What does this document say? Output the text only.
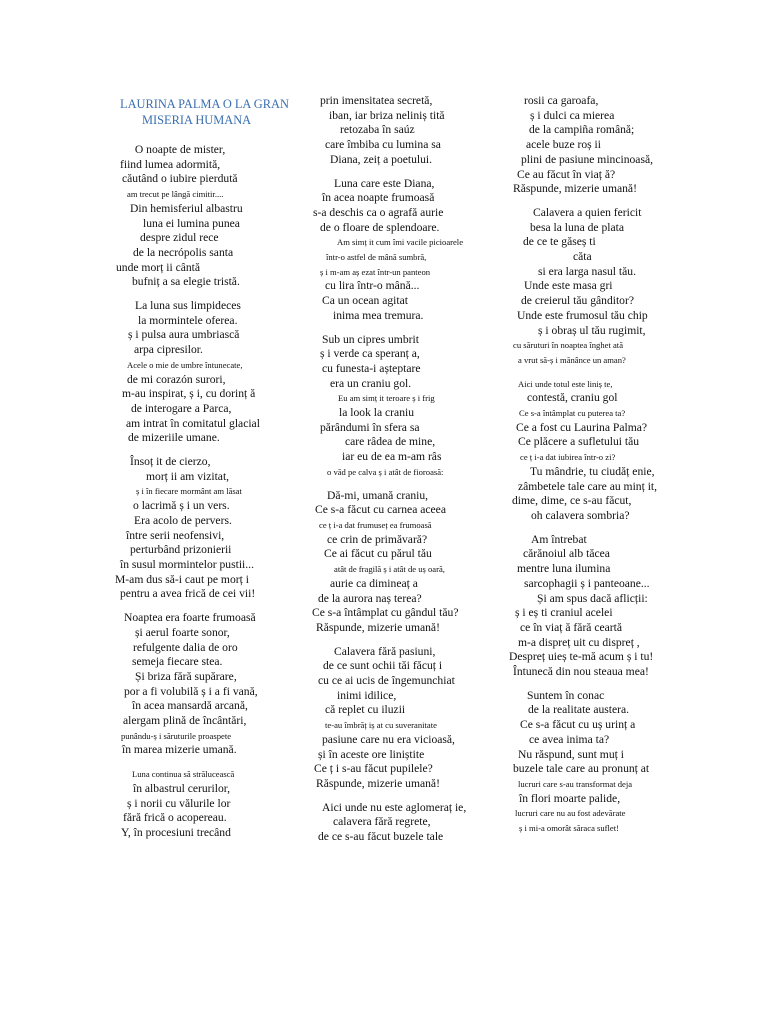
LAURINA PALMA O LA GRAN
MISERIA HUMANA
O noapte de mister,
fiind lumea adormită,
căutând o iubire pierdută
am trecut pe lângă cimitir....
Din hemisferiul albastru
luna ei lumina punea
despre zidul rece
de la necrópolis santa
unde morț ii cântă
bufniț a sa elegie tristă.
La luna sus limpideces
la mormintele oferea.
ș i pulsa aura umbriască
arpa cipresilor.
Acele o mie de umbre întunecate,
de mi corazón surori,
m-au inspirat, ș i, cu dorinț ă
de interogare a Parca,
am intrat în comitatul glacial
de mizeriile umane.
Însoț it de cierzo,
morț ii am vizitat,
ș i în fiecare mormânt am lăsat
o lacrimă ș i un vers.
Era acolo de pervers.
între serii neofensivi,
perturbând prizonierii
în susul mormintelor pustii...
M-am dus să-i caut pe morț i
pentru a avea frică de cei vii!
Noaptea era foarte frumoasă
și aerul foarte sonor,
refulgente dalia de oro
semeja fiecare stea.
Și briza fără supărare,
por a fi volubilă ș i a fi vană,
în acea mansardă arcană,
alergam plină de încântări,
punându-ș i săruturile proaspete
în marea mizerie umană.
Luna continua să strălucească
în albastrul cerurilor,
ș i norii cu vălurile lor
fără frică o acopereau.
Y, în procesiuni trecând
prin imensitatea secretă,
iban, iar briza neliniș tită
retozaba în saúz
care îmbiba cu lumina sa
Diana, zeiț a poetului.
Luna care este Diana,
în acea noapte frumoasă
s-a deschis ca o agrafă aurie
de o floare de splendoare.
Am simț it cum îmi vacile picioarele
într-o astfel de mână sumbră,
ș i m-am aș ezat într-un panteon
cu lira într-o mână...
Ca un ocean agitat
inima mea tremura.
Sub un cipres umbrit
ș i verde ca speranț a,
cu funesta-i așteptare
era un craniu gol.
Eu am simț it teroare ș i frig
la look la craniu
părândumi în sfera sa
care râdea de mine,
iar eu de ea m-am râs
o văd pe calva ș i atât de fioroasă:
Dă-mi, umană craniu,
Ce s-a făcut cu carnea aceea
ce ț i-a dat frumuseț ea frumoasă
ce crin de primăvară?
Ce ai făcut cu părul tău
atât de fragilă ș i atât de uș oară,
aurie ca dimineaț a
de la aurora naș terea?
Ce s-a întâmplat cu gândul tău?
Răspunde, mizerie umană!
Calavera fără pasiuni,
de ce sunt ochii tăi făcuț i
cu ce ai ucis de îngemunchiat
inimi idilice,
că replet cu iluzii
te-au îmbrăț iș at cu suveranitate
pasiune care nu era vicioasă,
și în aceste ore liniștite
Ce ț i s-au făcut pupilele?
Răspunde, mizerie umană!
Aici unde nu este aglomeraț ie,
calavera fără regrete,
de ce s-au făcut buzele tale
rosii ca garoafa,
ș i dulci ca mierea
de la campiña română;
acele buze roș ii
plini de pasiune mincinoasă,
Ce au făcut în viaț ă?
Răspunde, mizerie umană!
Calavera a quien fericit
besa la luna de plata
de ce te găseș ti
căta
si era larga nasul tău.
Unde este masa gri
de creierul tău gânditor?
Unde este frumosul tău chip
ș i obraș ul tău rugimit,
cu săruturi în noaptea înghet ată
a vrut să-ș i mănânce un aman?
Aici unde totul este liniș te,
contestă, craniu gol
Ce s-a întâmplat cu puterea ta?
Ce a fost cu Laurina Palma?
Ce plăcere a sufletului tău
ce ț i-a dat iubirea într-o zi?
Tu mândrie, tu ciudăț enie,
zâmbetele tale care au minț it,
dime, dime, ce s-au făcut,
oh calavera sombria?
Am întrebat
cărănoiul alb tăcea
mentre luna ilumina
sarcophagii ș i panteoane...
Și am spus dacă aflicții:
ș i eș ti craniul acelei
ce în viaț ă fără ceartă
m-a dispreț uit cu dispreț ,
Despreț uieș te-mă acum ș i tu!
Întunecă din nou steaua mea!
Suntem în conac
de la realitate austera.
Ce s-a făcut cu uș urinț a
ce avea inima ta?
Nu răspund, sunt muț i
buzele tale care au pronunț at
lucruri care s-au transformat deja
în flori moarte palide,
lucruri care nu au fost adevărate
ș i mi-a omorât săraca suflet!
